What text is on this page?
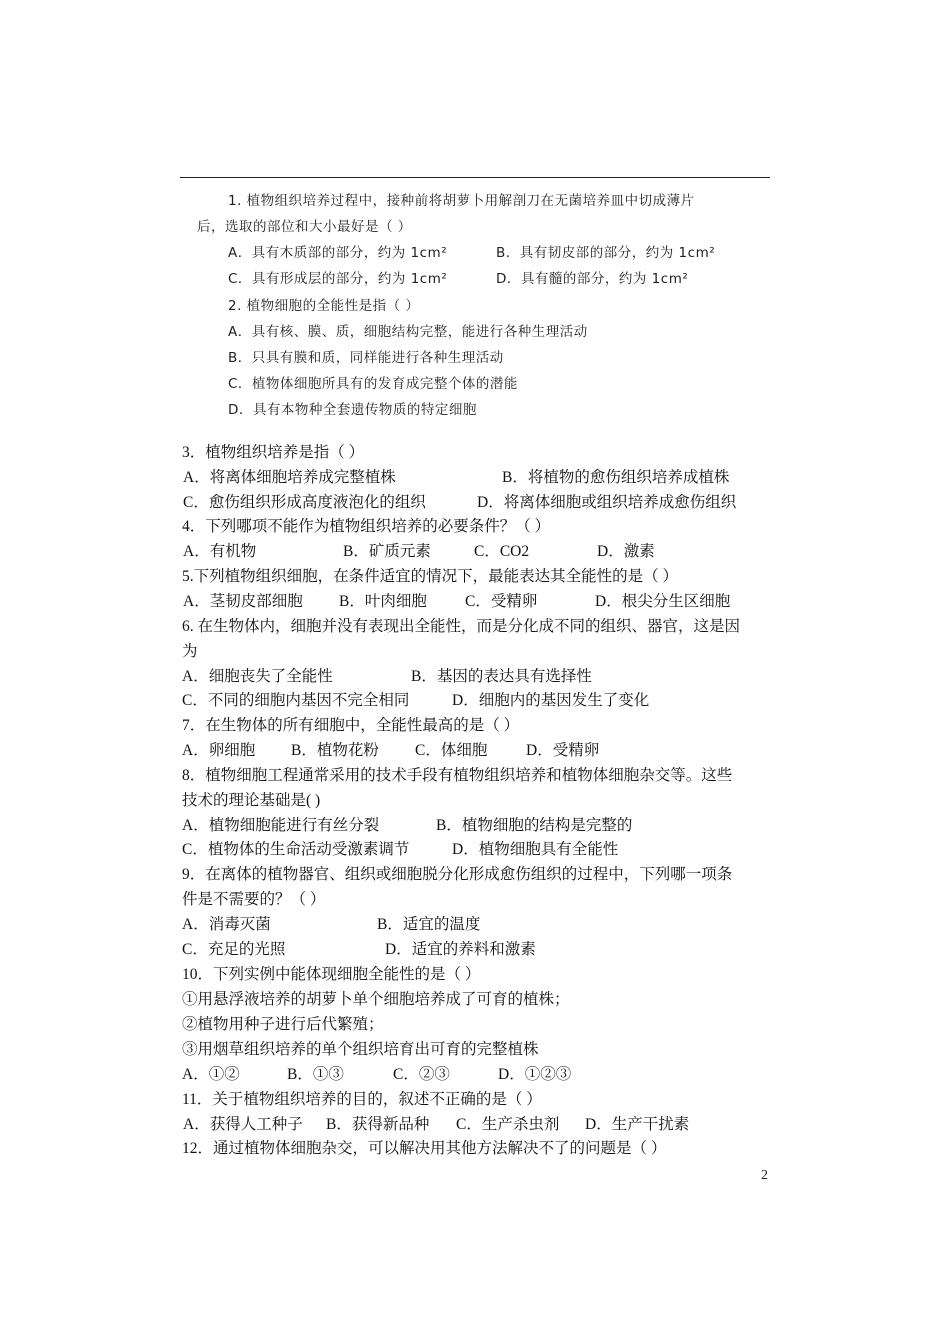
1. 植物组织培养过程中，接种前将胡萝卜用解剖刀在无菌培养皿中切成薄片
后，选取的部位和大小最好是（ ）
A．具有木质部的部分，约为 1cm²	B．具有韧皮部的部分，约为 1cm²
C．具有形成层的部分，约为 1cm²	D．具有髓的部分，约为 1cm²
2. 植物细胞的全能性是指（ ）
A．具有核、膜、质，细胞结构完整，能进行各种生理活动
B．只具有膜和质，同样能进行各种生理活动
C．植物体细胞所具有的发育成完整个体的潜能
D．具有本物种全套遗传物质的特定细胞
3．植物组织培养是指（ ）
A．将离体细胞培养成完整植株	B．将植物的愈伤组织培养成植株
C．愈伤组织形成高度液泡化的组织	D．将离体细胞或组织培养成愈伤组织
4．下列哪项不能作为植物组织培养的必要条件？（ ）
A．有机物	B．矿质元素	C．CO2	D．激素
5.下列植物组织细胞，在条件适宜的情况下，最能表达其全能性的是（ ）
A．茎韧皮部细胞 B．叶肉细胞 C．受精卵	D．根尖分生区细胞
6. 在生物体内，细胞并没有表现出全能性，而是分化成不同的组织、器官，这是因
为
A．细胞丧失了全能性	B．基因的表达具有选择性
C．不同的细胞内基因不完全相同	D．细胞内的基因发生了变化
7．在生物体的所有细胞中，全能性最高的是（ ）
A．卵细胞 B．植物花粉 C．体细胞 D．受精卵
8．植物细胞工程通常采用的技术手段有植物组织培养和植物体细胞杂交等。这些
技术的理论基础是( )
A．植物细胞能进行有丝分裂	B．植物细胞的结构是完整的
C．植物体的生命活动受激素调节	D．植物细胞具有全能性
9．在离体的植物器官、组织或细胞脱分化形成愈伤组织的过程中，下列哪一项条
件是不需要的？（ ）
A．消毒灭菌	B．适宜的温度
C．充足的光照	D．适宜的养料和激素
10．下列实例中能体现细胞全能性的是（ ）
①用悬浮液培养的胡萝卜单个细胞培养成了可育的植株；
②植物用种子进行后代繁殖；
③用烟草组织培养的单个组织培育出可育的完整植株
A．①②	B．①③	C．②③	D．①②③
11．关于植物组织培养的目的，叙述不正确的是（ ）
A．获得人工种子 B．获得新品种 C．生产杀虫剂 D．生产干扰素
12．通过植物体细胞杂交，可以解决用其他方法解决不了的问题是（ ）
2
